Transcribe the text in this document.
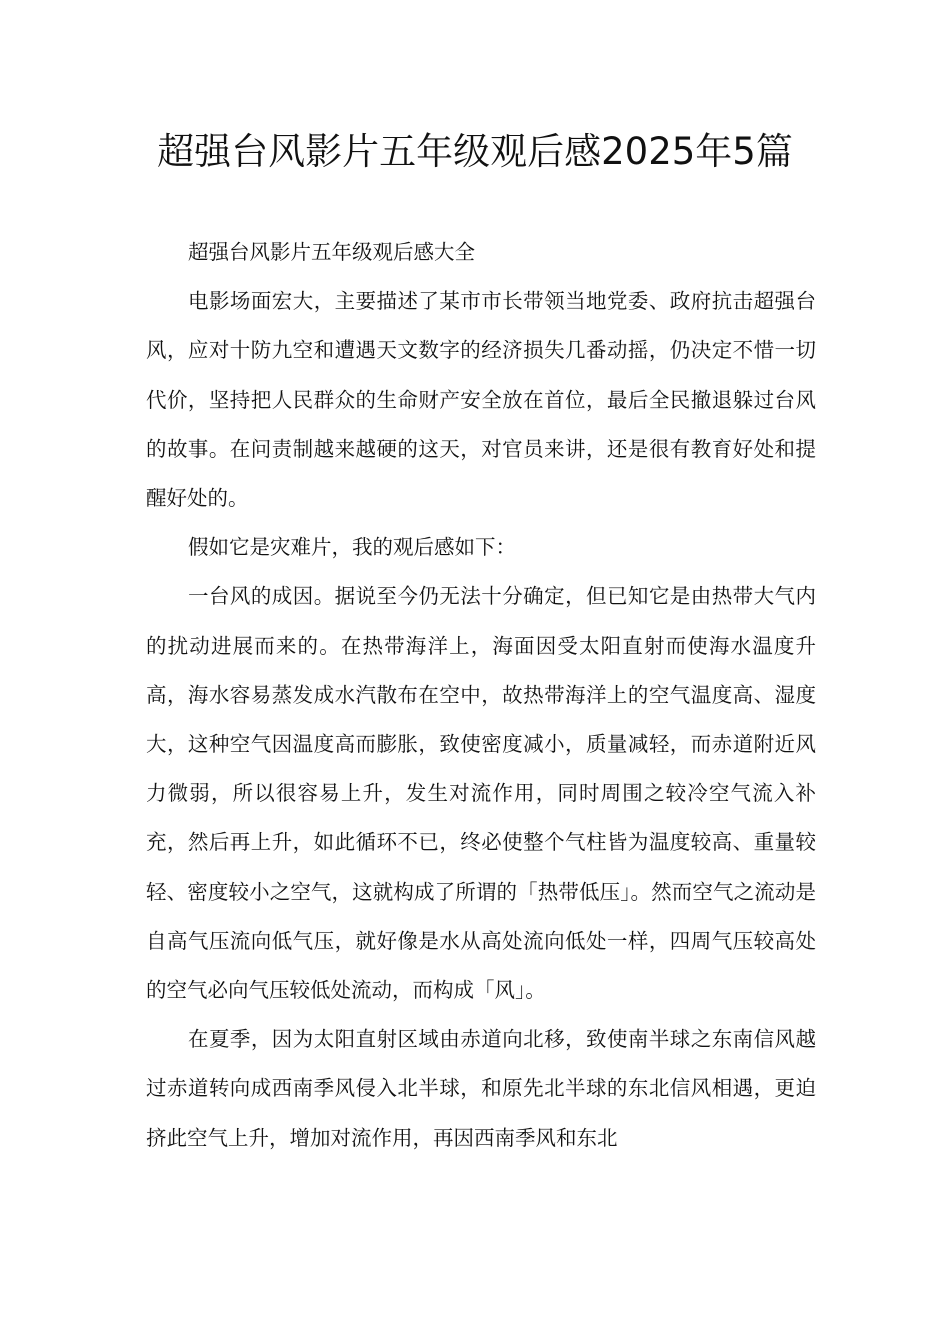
超强台风影片五年级观后感2025年5篇

超强台风影片五年级观后感大全

电影场面宏大，主要描述了某市市长带领当地党委、政府抗击超强台风，应对十防九空和遭遇天文数字的经济损失几番动摇，仍决定不惜一切代价，坚持把人民群众的生命财产安全放在首位，最后全民撤退躲过台风的故事。在问责制越来越硬的这天，对官员来讲，还是很有教育好处和提醒好处的。

假如它是灾难片，我的观后感如下：

一台风的成因。据说至今仍无法十分确定，但已知它是由热带大气内的扰动进展而来的。在热带海洋上，海面因受太阳直射而使海水温度升高，海水容易蒸发成水汽散布在空中，故热带海洋上的空气温度高、湿度大，这种空气因温度高而膨胀，致使密度减小，质量减轻，而赤道附近风力微弱，所以很容易上升，发生对流作用，同时周围之较冷空气流入补充，然后再上升，如此循环不已，终必使整个气柱皆为温度较高、重量较轻、密度较小之空气，这就构成了所谓的「热带低压」。然而空气之流动是自高气压流向低气压，就好像是水从高处流向低处一样，四周气压较高处的空气必向气压较低处流动，而构成「风」。

在夏季，因为太阳直射区域由赤道向北移，致使南半球之东南信风越过赤道转向成西南季风侵入北半球，和原先北半球的东北信风相遇，更迫挤此空气上升，增加对流作用，再因西南季风和东北
